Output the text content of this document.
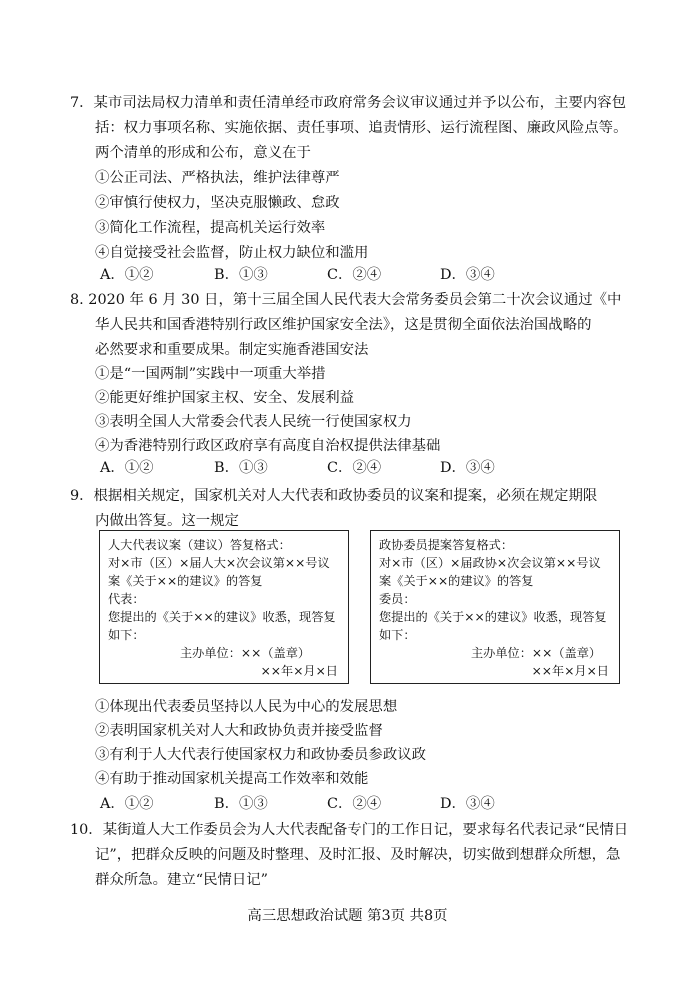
7．某市司法局权力清单和责任清单经市政府常务会议审议通过并予以公布，主要内容包
括：权力事项名称、实施依据、责任事项、追责情形、运行流程图、廉政风险点等。
两个清单的形成和公布，意义在于
①公正司法、严格执法，维护法律尊严
②审慎行使权力，坚决克服懒政、怠政
③简化工作流程，提高机关运行效率
④自觉接受社会监督，防止权力缺位和滥用
A．①②	B．①③	C．②④	D．③④
8. 2020 年 6 月 30 日，第十三届全国人民代表大会常务委员会第二十次会议通过《中
华人民共和国香港特别行政区维护国家安全法》，这是贯彻全面依法治国战略的
必然要求和重要成果。制定实施香港国安法
①是“一国两制”实践中一项重大举措
②能更好维护国家主权、安全、发展利益
③表明全国人大常委会代表人民统一行使国家权力
④为香港特别行政区政府享有高度自治权提供法律基础
A．①②	B．①③	C．②④	D．③④
9．根据相关规定，国家机关对人大代表和政协委员的议案和提案，必须在规定期限
内做出答复。这一规定
人大代表议案（建议）答复格式：
对×市（区）×届人大×次会议第××号议
案《关于××的建议》的答复
代表：
您提出的《关于××的建议》收悉，现答复
如下：
主办单位：××（盖章）
××年×月×日
政协委员提案答复格式：
对×市（区）×届政协×次会议第××号议
案《关于××的建议》的答复
委员：
您提出的《关于××的建议》收悉，现答复
如下：
主办单位：××（盖章）
××年×月×日
①体现出代表委员坚持以人民为中心的发展思想
②表明国家机关对人大和政协负责并接受监督
③有利于人大代表行使国家权力和政协委员参政议政
④有助于推动国家机关提高工作效率和效能
A．①②	B．①③	C．②④	D．③④
10．某街道人大工作委员会为人大代表配备专门的工作日记，要求每名代表记录“民情日
记”，把群众反映的问题及时整理、及时汇报、及时解决，切实做到想群众所想，急
群众所急。建立“民情日记”
高三思想政治试题 第3页 共8页
